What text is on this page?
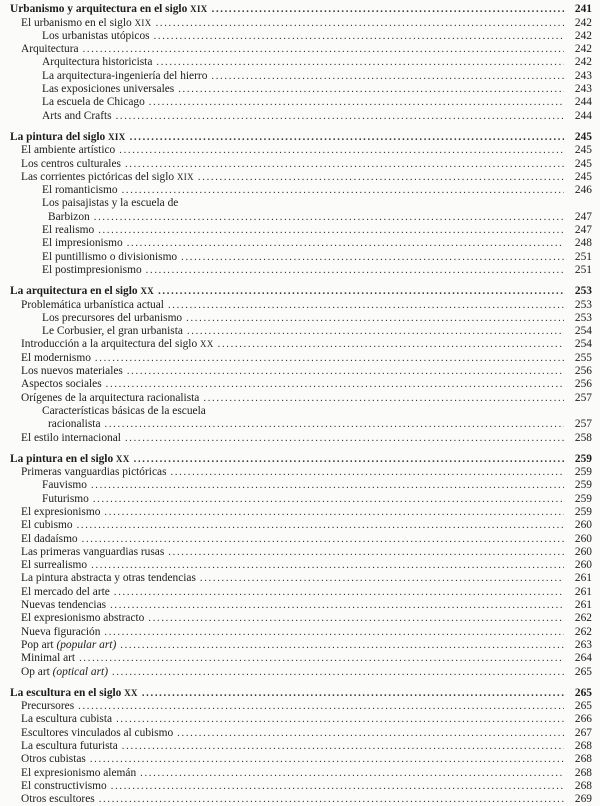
Urbanismo y arquitectura en el siglo XIX .....	241
El urbanismo en el siglo XIX .....	242
Los urbanistas utópicos .....	242
Arquitectura .....	242
Arquitectura historicista .....	242
La arquitectura-ingeniería del hierro .....	243
Las exposiciones universales .....	243
La escuela de Chicago .....	244
Arts and Crafts .....	244
La pintura del siglo XIX .....	245
El ambiente artístico .....	245
Los centros culturales .....	245
Las corrientes pictóricas del siglo XIX .....	245
El romanticismo .....	246
Los paisajistas y la escuela de
Barbizon .....	247
El realismo .....	247
El impresionismo .....	248
El puntillismo o divisionismo .....	251
El postimpresionismo .....	251
La arquitectura en el siglo XX .....	253
Problemática urbanística actual .....	253
Los precursores del urbanismo .....	253
Le Corbusier, el gran urbanista .....	254
Introducción a la arquitectura del siglo XX .....	254
El modernismo .....	255
Los nuevos materiales .....	256
Aspectos sociales .....	256
Orígenes de la arquitectura racionalista .....	257
Características básicas de la escuela
racionalista .....	257
El estilo internacional .....	258
La pintura en el siglo XX .....	259
Primeras vanguardias pictóricas .....	259
Fauvismo .....	259
Futurismo .....	259
El expresionismo .....	259
El cubismo .....	260
El dadaísmo .....	260
Las primeras vanguardias rusas .....	260
El surrealismo .....	260
La pintura abstracta y otras tendencias .....	261
El mercado del arte .....	261
Nuevas tendencias .....	261
El expresionismo abstracto .....	262
Nueva figuración .....	262
Pop art (popular art) .....	263
Minimal art .....	264
Op art (optical art) .....	265
La escultura en el siglo XX .....	265
Precursores .....	265
La escultura cubista .....	266
Escultores vinculados al cubismo .....	267
La escultura futurista .....	268
Otros cubistas .....	268
El expresionismo alemán .....	268
El constructivismo .....	268
Otros escultores .....	269
